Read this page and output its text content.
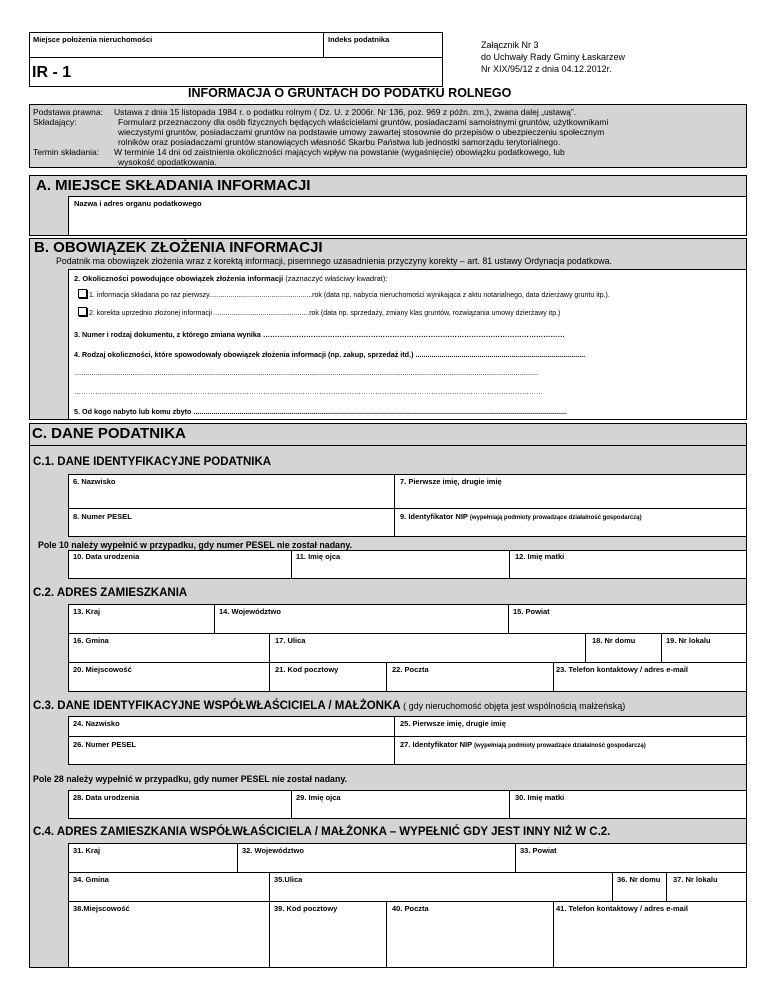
Miejsce położenia nieruchomości	Indeks podatnika
IR - 1
Załącznik Nr 3
do Uchwały Rady Gminy Łaskarzew
Nr XIX/95/12 z dnia 04.12.2012r.
INFORMACJA O GRUNTACH DO PODATKU ROLNEGO
Podstawa prawna: Ustawa z dnia 15 listopada 1984 r. o podatku rolnym ( Dz. U. z 2006r. Nr 136, poz. 969 z późn. zm.), zwana dalej „ustawą”.
Składający:	Formularz przeznaczony dla osób fizycznych będących właścicielami gruntów, posiadaczami samoistnymi gruntów, użytkownikami
wieczystymi gruntów, posiadaczami gruntów na podstawie umowy zawartej stosownie do przepisów o ubezpieczeniu społecznym
rolników oraz posiadaczami gruntów stanowiących własność Skarbu Państwa lub jednostki samorządu terytorialnego.
Termin składania: W terminie 14 dni od zaistnienia okoliczności mających wpływ na powstanie (wygaśnięcie) obowiązku podatkowego, lub
wysokość opodatkowania.
A. MIEJSCE SKŁADANIA INFORMACJI
Nazwa i adres organu podatkowego
B. OBOWIĄZEK ZŁOŻENIA INFORMACJI
Podatnik ma obowiązek złożenia wraz z korektą informacji, pisemnego uzasadnienia przyczyny korekty – art. 81 ustawy Ordynacja podatkowa.
2. Okoliczności powodujące obowiązek złożenia informacji (zaznaczyć właściwy kwadrat):
1. informacja składana po raz pierwszy.....................................................rok (data np. nabycia nieruchomości wynikająca z aktu notarialnego, data dzierżawy gruntu itp.).
2. korekta uprzednio złożonej informacji .................................................rok (data np. sprzedaży, zmiany klas gruntów, rozwiązania umowy dzierżawy itp.)
3. Numer i rodzaj dokumentu, z którego zmiana wynika ………………………………………………………………………………………………………………
4. Rodzaj okoliczności, które spowodowały obowiązek złożenia informacji (np. zakup, sprzedaż itd.) .....................................................................................
...............................................................................................................................................................................................................................................
…………………………………………………………………………………………………………………………………………………………………………………
5. Od kogo nabyto lub komu zbyto ...........................................................................................................................................................................................
C. DANE PODATNIKA
C.1. DANE IDENTYFIKACYJNE PODATNIKA
6. Nazwisko	7. Pierwsze imię, drugie imię
8. Numer PESEL	9. Identyfikator NIP (wypełniają podmioty prowadzące działalność gospodarczą)
Pole 10 należy wypełnić w przypadku, gdy numer PESEL nie został nadany.
10. Data urodzenia	11. Imię ojca	12. Imię matki
C.2. ADRES ZAMIESZKANIA
13. Kraj	14. Województwo	15. Powiat
16. Gmina	17. Ulica	18. Nr domu	19. Nr lokalu
20. Miejscowość	21. Kod pocztowy	22. Poczta	23. Telefon kontaktowy / adres e-mail
C.3. DANE IDENTYFIKACYJNE WSPÓŁWŁAŚCICIELA / MAŁŻONKA ( gdy nieruchomość objęta jest wspólnością małżeńską)
24. Nazwisko	25. Pierwsze imię, drugie imię
26. Numer PESEL	27. Identyfikator NIP (wypełniają podmioty prowadzące działalność gospodarczą)
Pole 28 należy wypełnić w przypadku, gdy numer PESEL nie został nadany.
28. Data urodzenia	29. Imię ojca	30. Imię matki
C.4. ADRES ZAMIESZKANIA WSPÓŁWŁAŚCICIELA / MAŁŻONKA – WYPEŁNIĆ GDY JEST INNY NIŻ W C.2.
31. Kraj	32. Województwo	33. Powiat
34. Gmina	35.Ulica	36. Nr domu 37. Nr lokalu
38.Miejscowość	39. Kod pocztowy	40. Poczta	41. Telefon kontaktowy / adres e-mail
